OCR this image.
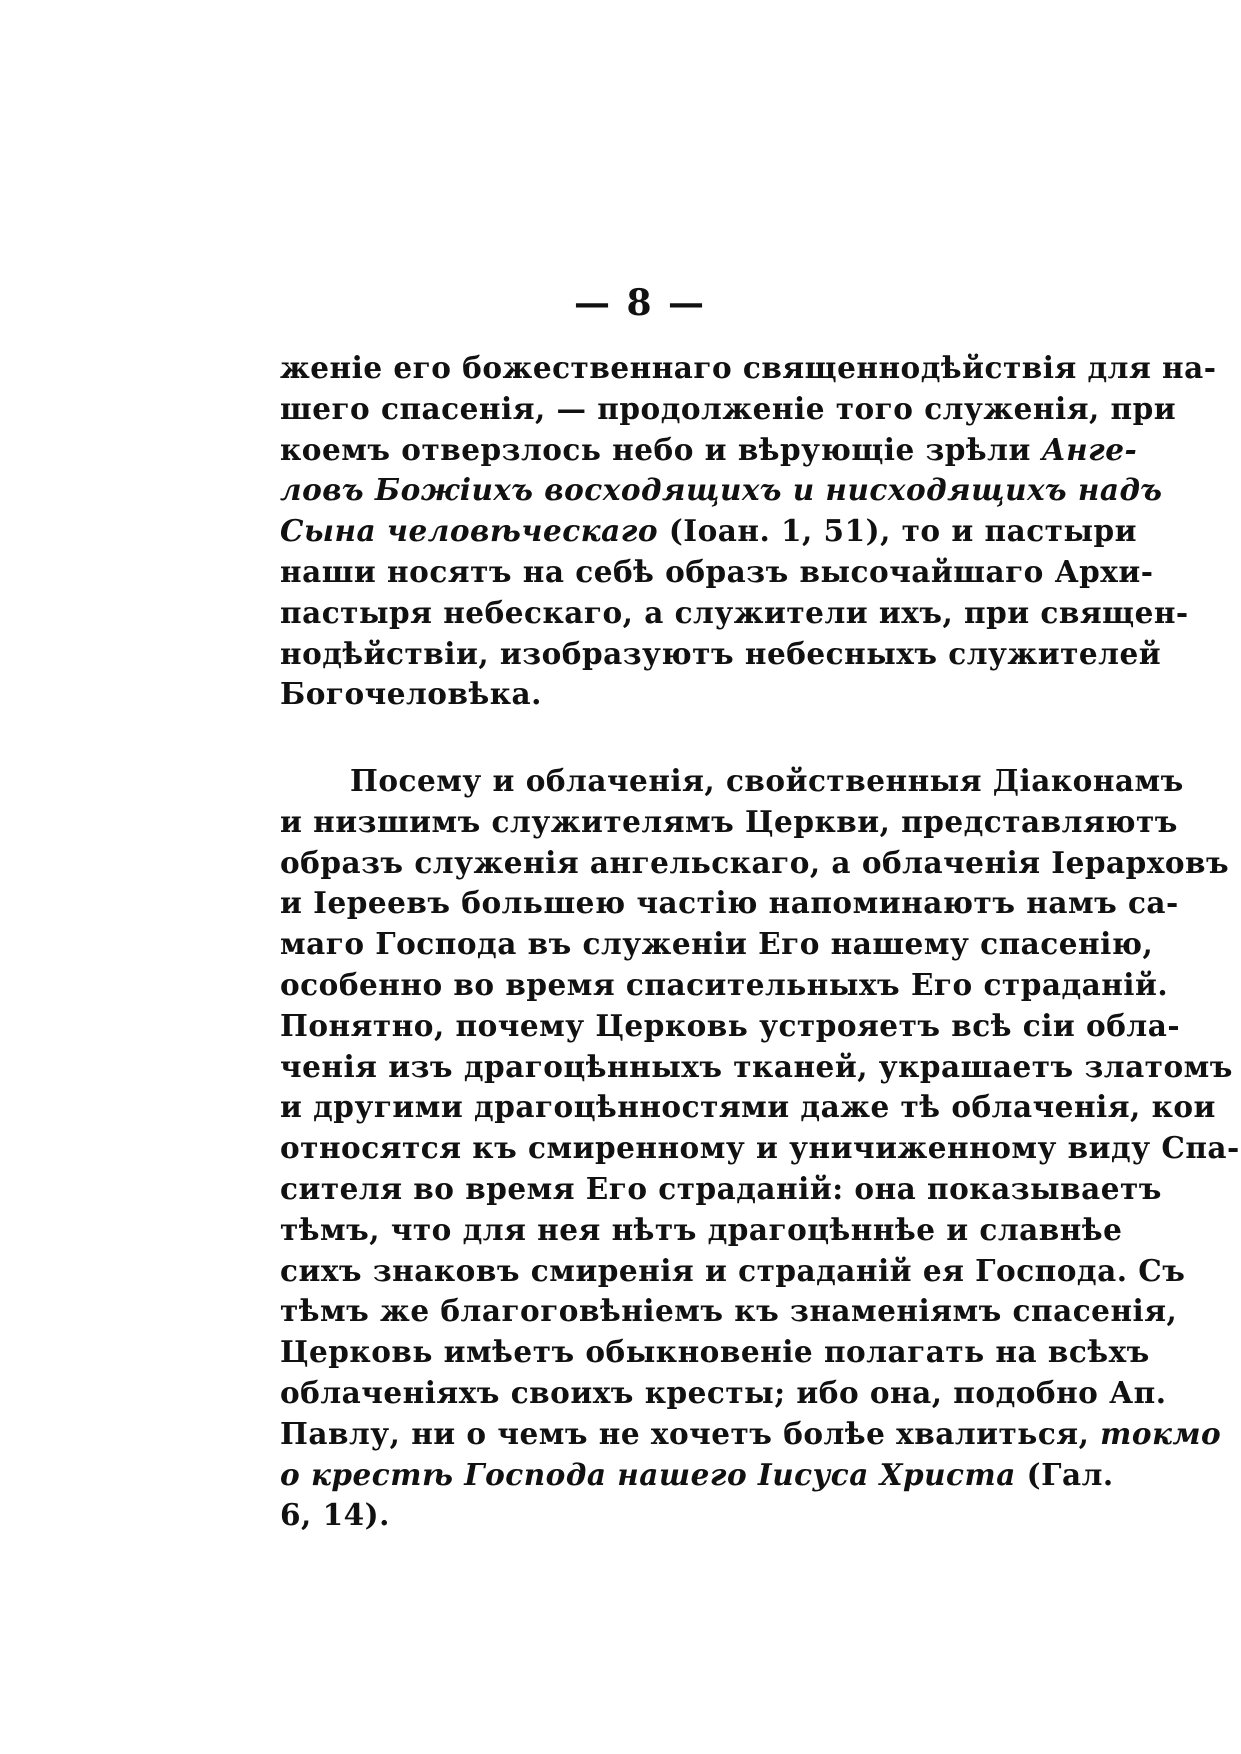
— 8 —
женіе его божественнаго священнодѣйствія для на-
шего спасенія, — продолженіе того служенія, при
коемъ отверзлось небо и вѣрующіе зрѣли Анге-
ловъ Божіихъ восходящихъ и нисходящихъ надъ
Сына человѣческаго (Іоан. 1, 51), то и пастыри
наши носятъ на себѣ образъ высочайшаго Архи-
пастыря небескаго, а служители ихъ, при священ-
нодѣйствіи, изобразуютъ небесныхъ служителей
Богочеловѣка.
Посему и облаченія, свойственныя Діаконамъ
и низшимъ служителямъ Церкви, представляютъ
образъ служенія ангельскаго, а облаченія Іерарховъ
и Іереевъ большею частію напоминаютъ намъ са-
маго Господа въ служеніи Его нашему спасенію,
особенно во время спасительныхъ Его страданій.
Понятно, почему Церковь устрояетъ всѣ сіи облa-
ченія изъ драгоцѣнныхъ тканей, украшаетъ златомъ
и другими драгоцѣнностями даже тѣ облаченія, кои
относятся къ смиренному и уничиженному виду Спа-
сителя во время Его страданій: она показываетъ
тѣмъ, что для нея нѣтъ драгоцѣннѣе и славнѣе
сихъ знаковъ смиренія и страданій ея Господа. Съ
тѣмъ же благоговѣніемъ къ знаменіямъ спасенія,
Церковь имѣетъ обыкновеніе полагать на всѣхъ
облаченіяхъ своихъ кресты; ибо она, подобно Ап.
Павлу, ни о чемъ не хочетъ болѣе хвалиться, токмо
о крестѣ Господа нашего Іисуса Христа (Гал.
6, 14).
